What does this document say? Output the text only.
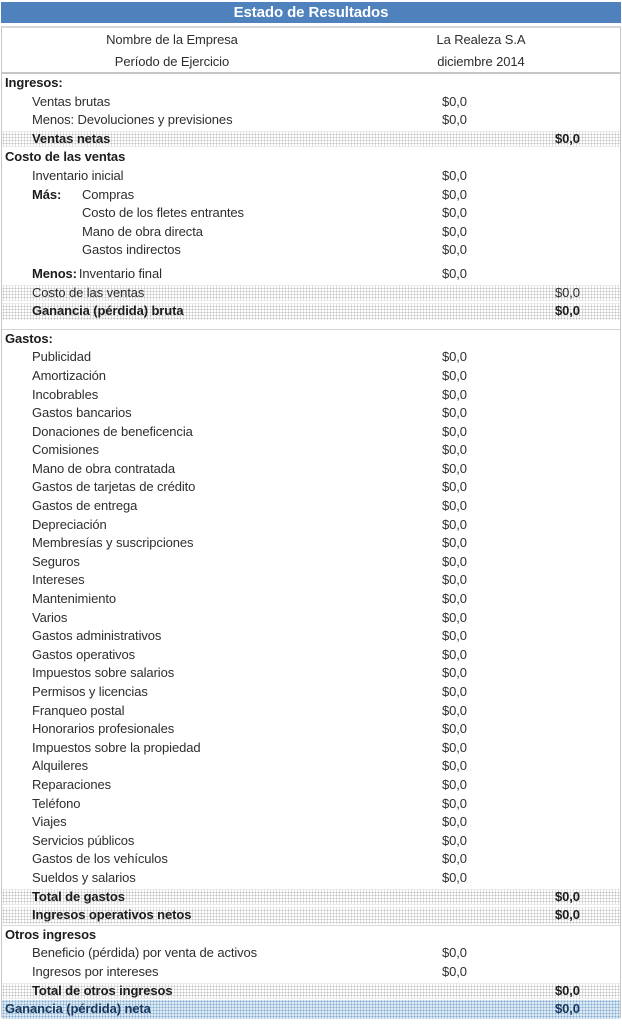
Estado de Resultados
Nombre de la Empresa	La Realeza S.A
Período de Ejercicio	diciembre 2014
Ingresos:
Ventas brutas	$0,0
Menos: Devoluciones y previsiones	$0,0
Ventas netas	$0,0
Costo de las ventas
Inventario inicial	$0,0
Más: Compras	$0,0
Costo de los fletes entrantes	$0,0
Mano de obra directa	$0,0
Gastos indirectos	$0,0
Menos: Inventario final	$0,0
Costo de las ventas	$0,0
Ganancia (pérdida) bruta	$0,0
Gastos:
Publicidad	$0,0
Amortización	$0,0
Incobrables	$0,0
Gastos bancarios	$0,0
Donaciones de beneficencia	$0,0
Comisiones	$0,0
Mano de obra contratada	$0,0
Gastos de tarjetas de crédito	$0,0
Gastos de entrega	$0,0
Depreciación	$0,0
Membresías y suscripciones	$0,0
Seguros	$0,0
Intereses	$0,0
Mantenimiento	$0,0
Varios	$0,0
Gastos administrativos	$0,0
Gastos operativos	$0,0
Impuestos sobre salarios	$0,0
Permisos y licencias	$0,0
Franqueo postal	$0,0
Honorarios profesionales	$0,0
Impuestos sobre la propiedad	$0,0
Alquileres	$0,0
Reparaciones	$0,0
Teléfono	$0,0
Viajes	$0,0
Servicios públicos	$0,0
Gastos de los vehículos	$0,0
Sueldos y salarios	$0,0
Total de gastos	$0,0
Ingresos operativos netos	$0,0
Otros ingresos
Beneficio (pérdida) por venta de activos	$0,0
Ingresos por intereses	$0,0
Total de otros ingresos	$0,0
Ganancia (pérdida) neta	$0,0
